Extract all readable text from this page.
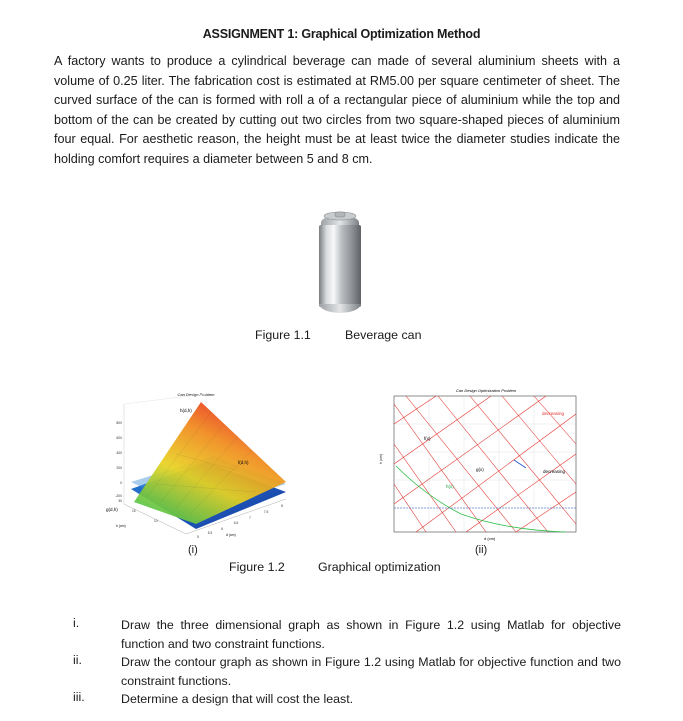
ASSIGNMENT 1: Graphical Optimization Method
A factory wants to produce a cylindrical beverage can made of several aluminium sheets with a volume of 0.25 liter. The fabrication cost is estimated at RM5.00 per square centimeter of sheet. The curved surface of the can is formed with roll a of a rectangular piece of aluminium while the top and bottom of the can be created by cutting out two circles from two square-shaped pieces of aluminium four equal. For aesthetic reason, the height must be at least twice the diameter studies indicate the holding comfort requires a diameter between 5 and 8 cm.
Figure 1.1	Beverage can
Can Design Problem
h(d,h)
f(d,h)
g(d,h)
800
600
400
200
0
-200
30
5
5.5
6
6.5
7
7.5
8
15
10
h (cm)
d (cm)
Can Design Optimization Problem
f(x)
g(x)
h(x)
decreasing
decreasing
h (cm)
d (cm)
(i)	(ii)
Figure 1.2	Graphical optimization
i.	Draw the three dimensional graph as shown in Figure 1.2 using Matlab for objective function and two constraint functions.
ii.	Draw the contour graph as shown in Figure 1.2 using Matlab for objective function and two constraint functions.
iii.	Determine a design that will cost the least.
